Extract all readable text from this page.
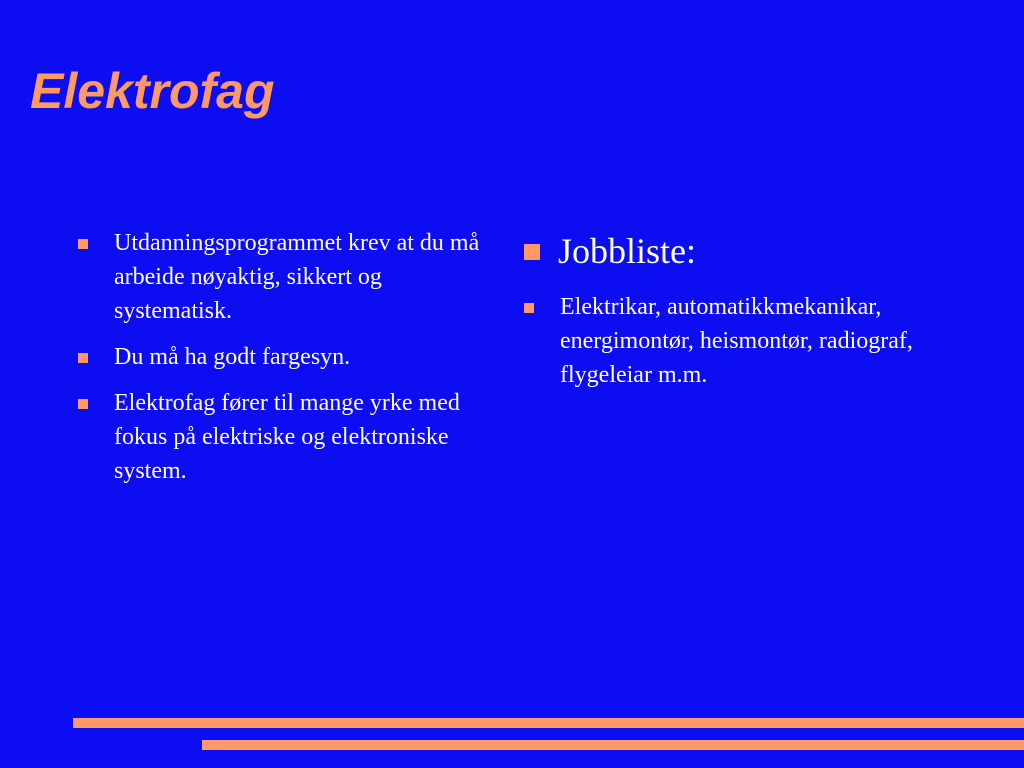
Elektrofag
Utdanningsprogrammet krev at du må arbeide nøyaktig, sikkert og systematisk.
Du må ha godt fargesyn.
Elektrofag fører til mange yrke med fokus på elektriske og elektroniske system.
Jobbliste:
Elektrikar, automatikkmekanikar, energimontør, heismontør, radiograf, flygeleiar m.m.
